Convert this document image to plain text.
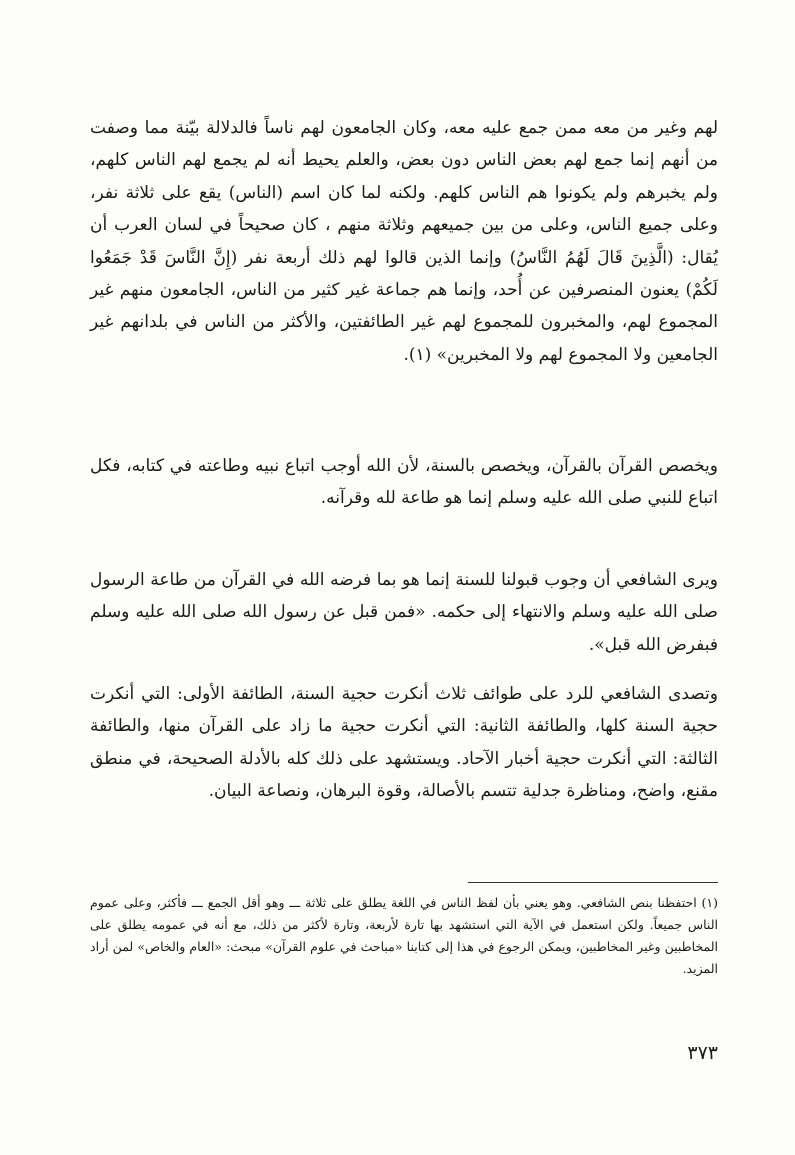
لهم وغير من معه ممن جمع عليه معه، وكان الجامعون لهم ناساً فالدلالة بيّنة مما وصفت من أنهم إنما جمع لهم بعض الناس دون بعض، والعلم يحيط أنه لم يجمع لهم الناس كلهم، ولم يخبرهم ولم يكونوا هم الناس كلهم. ولكنه لما كان اسم (الناس) يقع على ثلاثة نفر، وعلى جميع الناس، وعلى من بين جميعهم وثلاثة منهم ، كان صحيحاً في لسان العرب أن يُقال: (الَّذِينَ قَالَ لَهُمُ النَّاسُ) وإنما الذين قالوا لهم ذلك أربعة نفر (إِنَّ النَّاسَ قَدْ جَمَعُوا لَكُمْ) يعنون المنصرفين عن أُحد، وإنما هم جماعة غير كثير من الناس، الجامعون منهم غير المجموع لهم، والمخبرون للمجموع لهم غير الطائفتين، والأكثر من الناس في بلدانهم غير الجامعين ولا المجموع لهم ولا المخبرين» (١).

ويخصص القرآن بالقرآن، ويخصص بالسنة، لأن الله أوجب اتباع نبيه وطاعته في كتابه، فكل اتباع للنبي صلى الله عليه وسلم إنما هو طاعة لله وقرآنه.

ويرى الشافعي أن وجوب قبولنا للسنة إنما هو بما فرضه الله في القرآن من طاعة الرسول صلى الله عليه وسلم والانتهاء إلى حكمه. «فمن قبل عن رسول الله صلى الله عليه وسلم فبفرض الله قبل».

وتصدى الشافعي للرد على طوائف ثلاث أنكرت حجية السنة، الطائفة الأولى: التي أنكرت حجية السنة كلها، والطائفة الثانية: التي أنكرت حجية ما زاد على القرآن منها، والطائفة الثالثة: التي أنكرت حجية أخبار الآحاد. ويستشهد على ذلك كله بالأدلة الصحيحة، في منطق مقنع، واضح، ومناظرة جدلية تتسم بالأصالة، وقوة البرهان، ونصاعة البيان.

(١) احتفظنا بنص الشافعي. وهو يعني بأن لفظ الناس في اللغة يطلق على ثلاثة ـــ وهو أقل الجمع ـــ فأكثر، وعلى عموم الناس جميعاً. ولكن استعمل في الآية التي استشهد بها تارة لأربعة، وتارة لأكثر من ذلك، مع أنه في عمومه يطلق على المخاطبين وغير المخاطبين، ويمكن الرجوع في هذا إلى كتابنا «مباحث في علوم القرآن» مبحث: «العام والخاص» لمن أراد المزيد.

٣٧٣
